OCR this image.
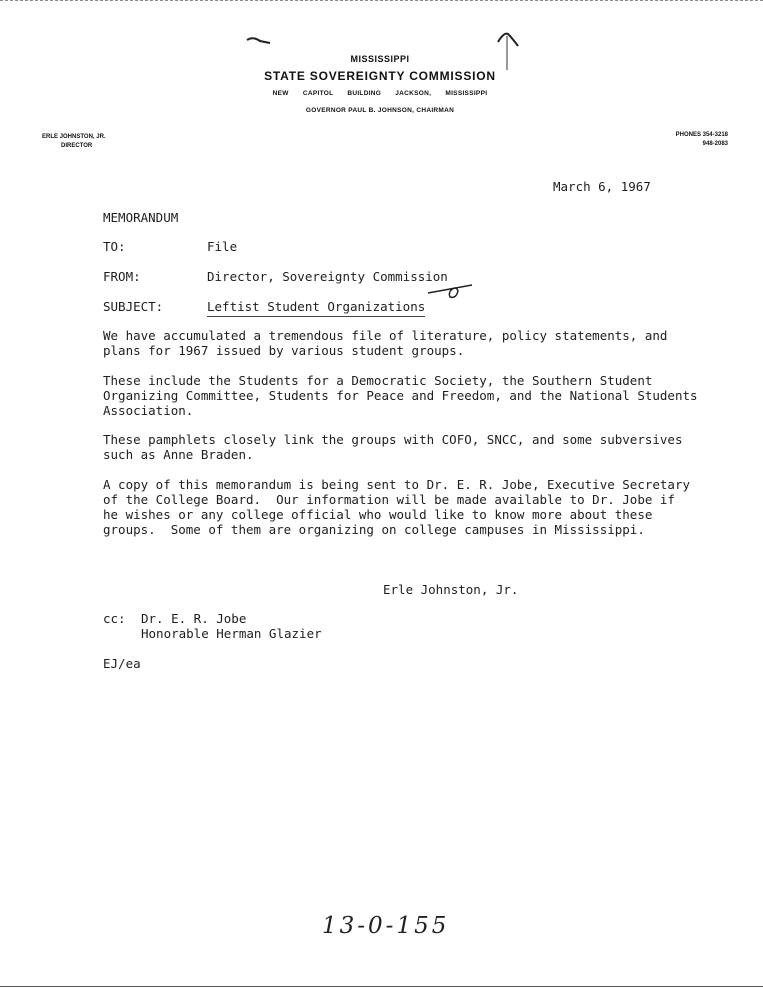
MISSISSIPPI
STATE SOVEREIGNTY COMMISSION
NEW CAPITOL BUILDING JACKSON, MISSISSIPPI
GOVERNOR PAUL B. JOHNSON, CHAIRMAN
ERLE JOHNSTON, JR.
DIRECTOR
PHONES 354-3218
948-2083
March 6, 1967
MEMORANDUM
TO:	File
FROM:	Director, Sovereignty Commission
SUBJECT:	Leftist Student Organizations
We have accumulated a tremendous file of literature, policy statements, and
plans for 1967 issued by various student groups.
These include the Students for a Democratic Society, the Southern Student
Organizing Committee, Students for Peace and Freedom, and the National Students
Association.
These pamphlets closely link the groups with COFO, SNCC, and some subversives
such as Anne Braden.
A copy of this memorandum is being sent to Dr. E. R. Jobe, Executive Secretary
of the College Board.  Our information will be made available to Dr. Jobe if
he wishes or any college official who would like to know more about these
groups.  Some of them are organizing on college campuses in Mississippi.
Erle Johnston, Jr.
cc: Dr. E. R. Jobe
Honorable Herman Glazier
EJ/ea
13-0-155
